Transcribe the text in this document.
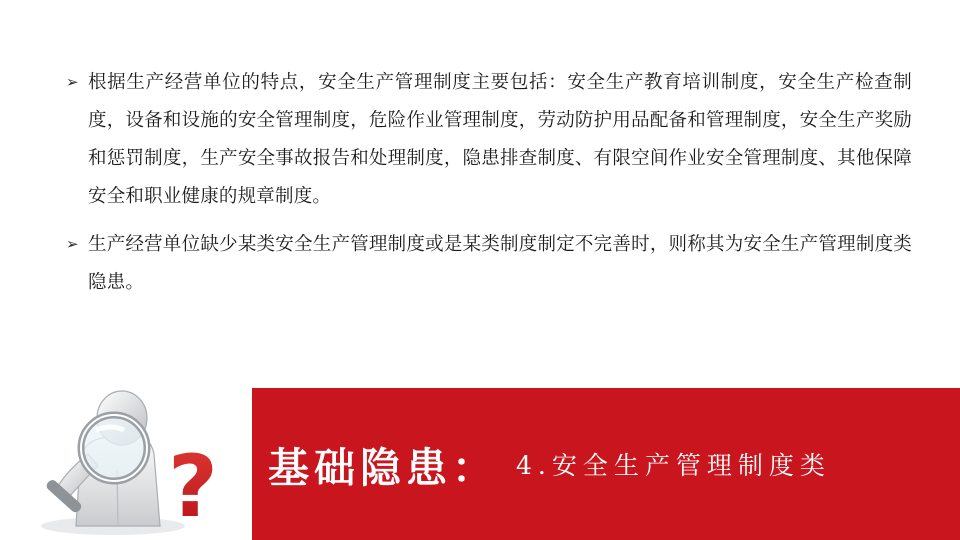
➢ 根据生产经营单位的特点，安全生产管理制度主要包括：安全生产教育培训制度，安全生产检查制度，设备和设施的安全管理制度，危险作业管理制度，劳动防护用品配备和管理制度，安全生产奖励和惩罚制度，生产安全事故报告和处理制度，隐患排查制度、有限空间作业安全管理制度、其他保障安全和职业健康的规章制度。
➢ 生产经营单位缺少某类安全生产管理制度或是某类制度制定不完善时，则称其为安全生产管理制度类隐患。
? 基础隐患： 4.安全生产管理制度类
